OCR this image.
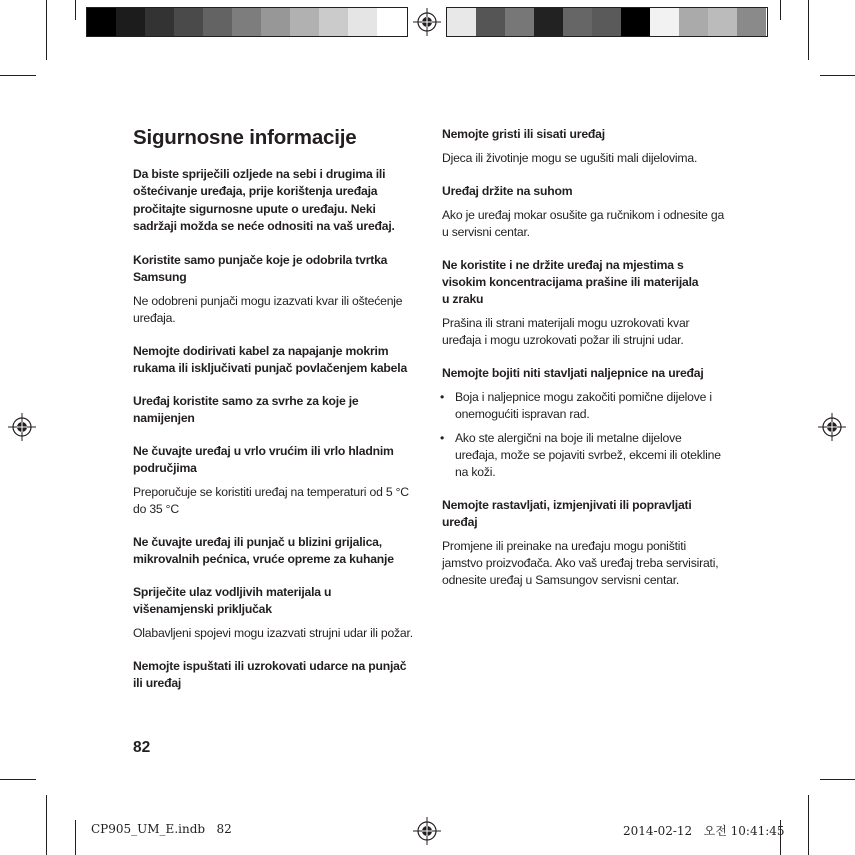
Sigurnosne informacije

Da biste spriječili ozljede na sebi i drugima ili oštećivanje uređaja, prije korištenja uređaja pročitajte sigurnosne upute o uređaju. Neki sadržaji možda se neće odnositi na vaš uređaj.

Koristite samo punjače koje je odobrila tvrtka Samsung

Ne odobreni punjači mogu izazvati kvar ili oštećenje uređaja.

Nemojte dodirivati kabel za napajanje mokrim rukama ili isključivati punjač povlačenjem kabela

Uređaj koristite samo za svrhe za koje je namijenjen

Ne čuvajte uređaj u vrlo vrućim ili vrlo hladnim područjima

Preporučuje se koristiti uređaj na temperaturi od 5 °C do 35 °C

Ne čuvajte uređaj ili punjač u blizini grijalica, mikrovalnih pećnica, vruće opreme za kuhanje

Spriječite ulaz vodljivih materijala u višenamjenski priključak

Olabavljeni spojevi mogu izazvati strujni udar ili požar.

Nemojte ispuštati ili uzrokovati udarce na punjač ili uređaj

Nemojte gristi ili sisati uređaj

Djeca ili životinje mogu se ugušiti mali dijelovima.

Uređaj držite na suhom

Ako je uređaj mokar osušite ga ručnikom i odnesite ga u servisni centar.

Ne koristite i ne držite uređaj na mjestima s visokim koncentracijama prašine ili materijala u zraku

Prašina ili strani materijali mogu uzrokovati kvar uređaja i mogu uzrokovati požar ili strujni udar.

Nemojte bojiti niti stavljati naljepnice na uređaj

• Boja i naljepnice mogu zakočiti pomične dijelove i onemogućiti ispravan rad.
• Ako ste alergični na boje ili metalne dijelove uređaja, može se pojaviti svrbež, ekcemi ili otekline na koži.

Nemojte rastavljati, izmjenjivati ili popravljati uređaj

Promjene ili preinake na uređaju mogu poništiti jamstvo proizvođača. Ako vaš uređaj treba servisirati, odnesite uređaj u Samsungov servisni centar.

82
CP905_UM_E.indb   82	2014-02-12   오전 10:41:45
